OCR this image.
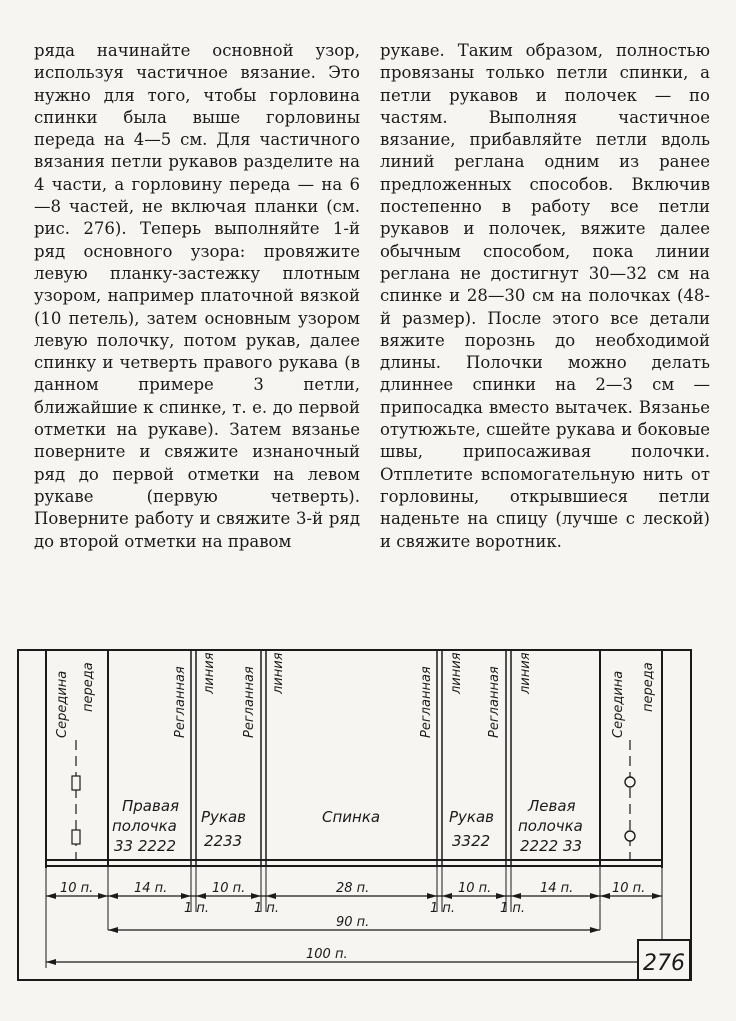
ряда начинайте основной узор, используя частичное вязание. Это нужно для того, чтобы горловина спинки была выше горловины переда на 4—5 см. Для частичного вязания петли рукавов разделите на 4 части, а горловину переда — на 6—8 частей, не включая планки (см. рис. 276). Теперь выполняйте 1-й ряд основного узора: провяжите левую планку-застежку плотным узором, например платочной вязкой (10 петель), затем основным узором левую полочку, потом рукав, далее спинку и четверть правого рукава (в данном примере 3 петли, ближайшие к спинке, т. е. до первой отметки на рукаве). Затем вязанье поверните и свяжите изнаночный ряд до первой отметки на левом рукаве (первую четверть). Поверните работу и свяжите 3-й ряд до второй отметки на правом

рукаве. Таким образом, полностью провязаны только петли спинки, а петли рукавов и полочек — по частям. Выполняя частичное вязание, прибавляйте петли вдоль линий реглана одним из ранее предложенных способов. Включив постепенно в работу все петли рукавов и полочек, вяжите далее обычным способом, пока линии реглана не достигнут 30—32 см на спинке и 28—30 см на полочках (48-й размер). После этого все детали вяжите порознь до необходимой длины. Полочки можно делать длиннее спинки на 2—3 см — припосадка вместо вытачек. Вязанье отутюжьте, сшейте рукава и боковые швы, припосаживая полочки. Отплетите вспомогательную нить от горловины, открывшиеся петли наденьте на спицу (лучше с леской) и свяжите воротник.

Середина переда	Регланная линия Регланная линия	Регланная линия Регланная линия	Середина переда
Правая
полочка
33 2222
Рукав
2233
Спинка	Рукав
3322
Левая
полочка
2222 33
10 п.	14 п.	10 п.	28 п.	10 п.	14 п.	10 п.
1 п.	1 п.	1 п.	1 п.
90 п.
100 п.	276
